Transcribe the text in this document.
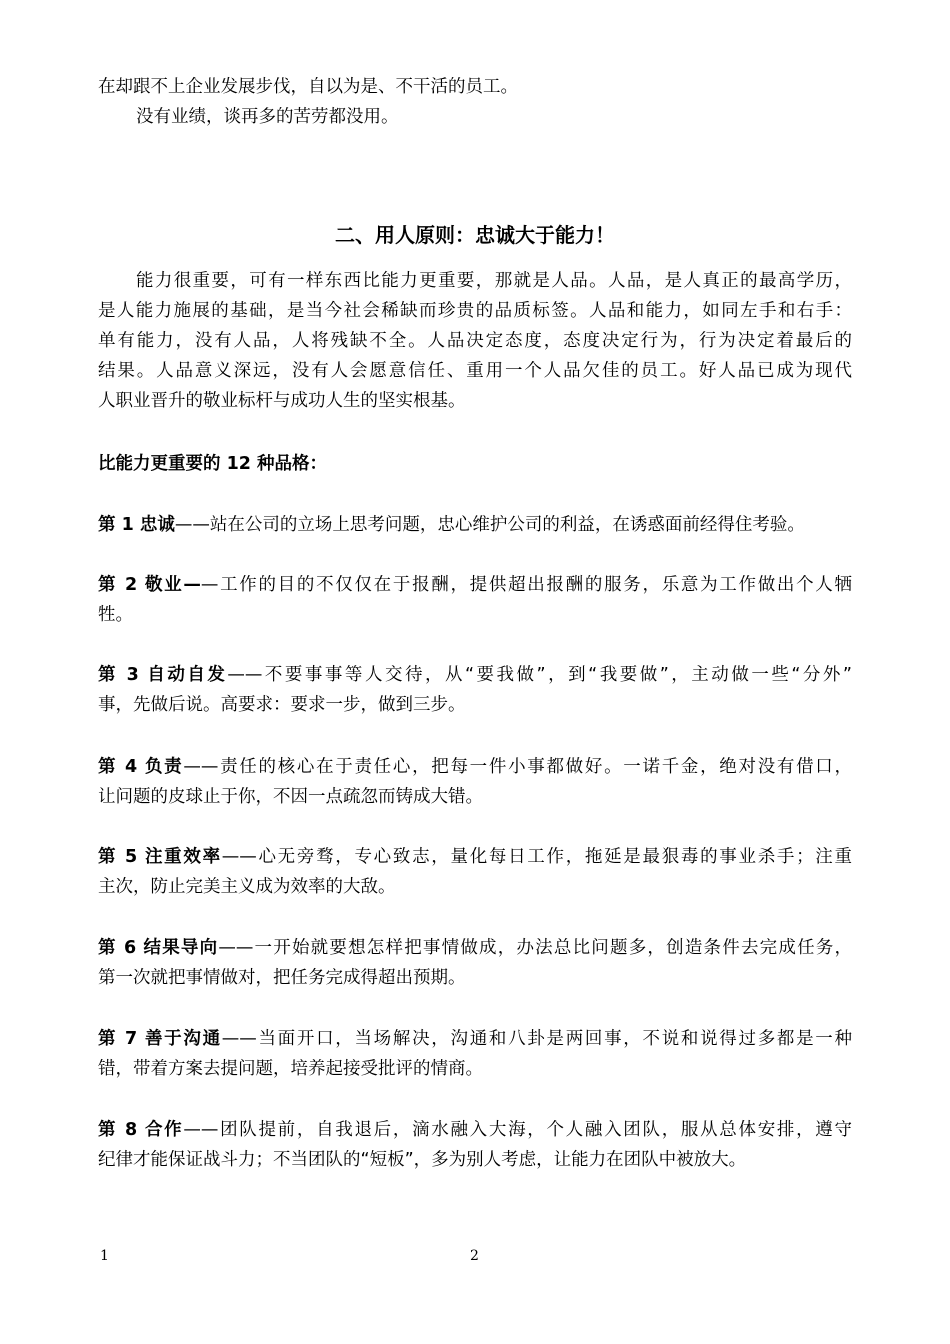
在却跟不上企业发展步伐，自以为是、不干活的员工。
没有业绩，谈再多的苦劳都没用。
二、用人原则：忠诚大于能力！
能力很重要，可有一样东西比能力更重要，那就是人品。人品，是人真正的最高学历，
是人能力施展的基础，是当今社会稀缺而珍贵的品质标签。人品和能力，如同左手和右手：
单有能力，没有人品，人将残缺不全。人品决定态度，态度决定行为，行为决定着最后的
结果。人品意义深远，没有人会愿意信任、重用一个人品欠佳的员工。好人品已成为现代
人职业晋升的敬业标杆与成功人生的坚实根基。
比能力更重要的 12 种品格：
第 1 忠诚——站在公司的立场上思考问题，忠心维护公司的利益，在诱惑面前经得住考验。
第 2 敬业——工作的目的不仅仅在于报酬，提供超出报酬的服务，乐意为工作做出个人牺
牲。
第 3 自动自发——不要事事等人交待，从“要我做”，到“我要做”，主动做一些“分外”
事，先做后说。高要求：要求一步，做到三步。
第 4 负责——责任的核心在于责任心，把每一件小事都做好。一诺千金，绝对没有借口，
让问题的皮球止于你，不因一点疏忽而铸成大错。
第 5 注重效率——心无旁骛，专心致志，量化每日工作，拖延是最狠毒的事业杀手；注重
主次，防止完美主义成为效率的大敌。
第 6 结果导向——一开始就要想怎样把事情做成，办法总比问题多，创造条件去完成任务，
第一次就把事情做对，把任务完成得超出预期。
第 7 善于沟通——当面开口，当场解决，沟通和八卦是两回事，不说和说得过多都是一种
错，带着方案去提问题，培养起接受批评的情商。
第 8 合作——团队提前，自我退后，滴水融入大海，个人融入团队，服从总体安排，遵守
纪律才能保证战斗力；不当团队的“短板”，多为别人考虑，让能力在团队中被放大。
1	2
